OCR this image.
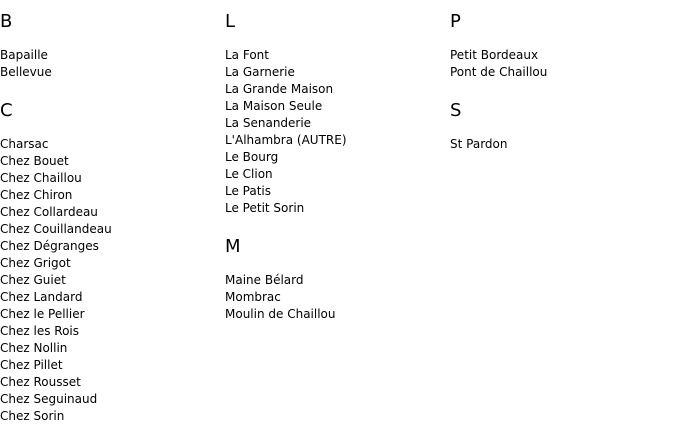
B
Bapaille
Bellevue
C
Charsac
Chez Bouet
Chez Chaillou
Chez Chiron
Chez Collardeau
Chez Couillandeau
Chez Dégranges
Chez Grigot
Chez Guiet
Chez Landard
Chez le Pellier
Chez les Rois
Chez Nollin
Chez Pillet
Chez Rousset
Chez Seguinaud
Chez Sorin
L
La Font
La Garnerie
La Grande Maison
La Maison Seule
La Senanderie
L'Alhambra (AUTRE)
Le Bourg
Le Clion
Le Patis
Le Petit Sorin
M
Maine Bélard
Mombrac
Moulin de Chaillou
P
Petit Bordeaux
Pont de Chaillou
S
St Pardon
